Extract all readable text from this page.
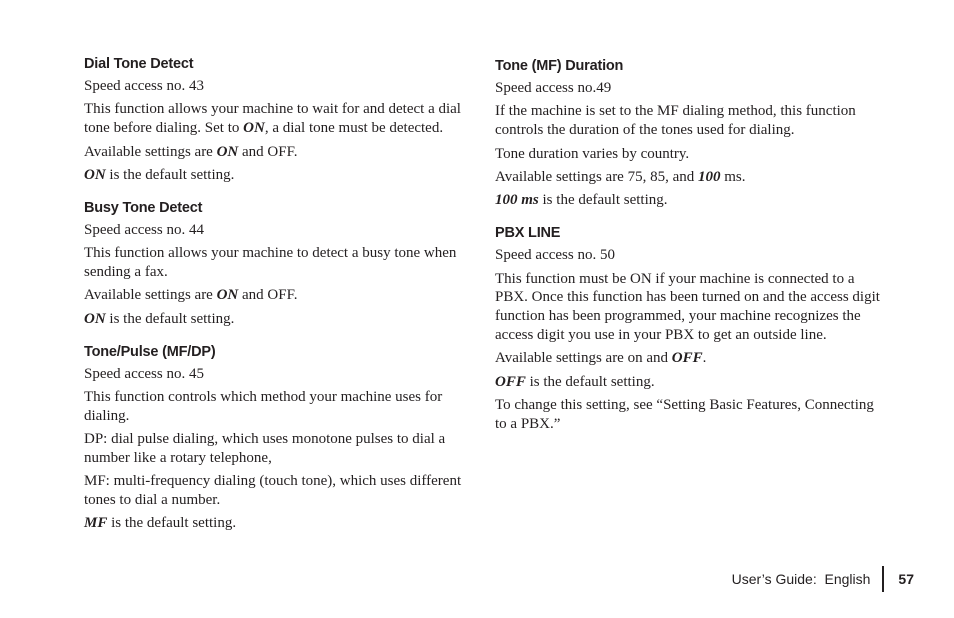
Dial Tone Detect

Speed access no. 43

This function allows your machine to wait for and detect a dial tone before dialing. Set to ON, a dial tone must be detected.

Available settings are ON and OFF.

ON is the default setting.

Busy Tone Detect

Speed access no. 44

This function allows your machine to detect a busy tone when sending a fax.

Available settings are ON and OFF.

ON is the default setting.

Tone/Pulse (MF/DP)

Speed access no. 45

This function controls which method your machine uses for dialing.

DP: dial pulse dialing, which uses monotone pulses to dial a number like a rotary telephone,

MF: multi-frequency dialing (touch tone), which uses different tones to dial a number.

MF is the default setting.

Tone (MF) Duration

Speed access no.49

If the machine is set to the MF dialing method, this function controls the duration of the tones used for dialing.

Tone duration varies by country.

Available settings are 75, 85, and 100 ms.

100 ms is the default setting.

PBX LINE

Speed access no. 50

This function must be ON if your machine is connected to a PBX. Once this function has been turned on and the access digit function has been programmed, your machine recognizes the access digit you use in your PBX to get an outside line.

Available settings are on and OFF.

OFF is the default setting.

To change this setting, see “Setting Basic Features, Connecting to a PBX.”

User’s Guide:  English	57
